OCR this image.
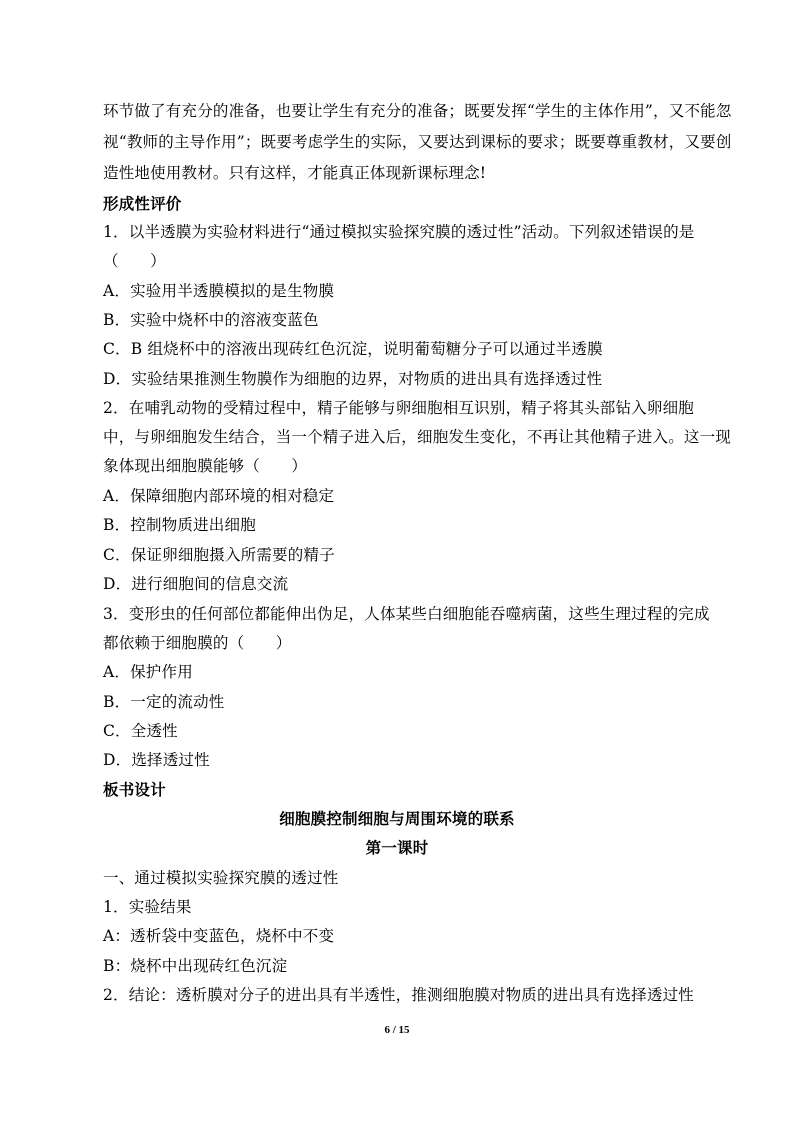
环节做了有充分的准备，也要让学生有充分的准备；既要发挥“学生的主体作用”，又不能忽
视“教师的主导作用”；既要考虑学生的实际，又要达到课标的要求；既要尊重教材，又要创
造性地使用教材。只有这样，才能真正体现新课标理念!
形成性评价
1．以半透膜为实验材料进行“通过模拟实验探究膜的透过性”活动。下列叙述错误的是
（　　）
A．实验用半透膜模拟的是生物膜
B．实验中烧杯中的溶液变蓝色
C．B 组烧杯中的溶液出现砖红色沉淀，说明葡萄糖分子可以通过半透膜
D．实验结果推测生物膜作为细胞的边界，对物质的进出具有选择透过性
2．在哺乳动物的受精过程中，精子能够与卵细胞相互识别，精子将其头部钻入卵细胞
中，与卵细胞发生结合，当一个精子进入后，细胞发生变化，不再让其他精子进入。这一现
象体现出细胞膜能够（　　）
A．保障细胞内部环境的相对稳定
B．控制物质进出细胞
C．保证卵细胞摄入所需要的精子
D．进行细胞间的信息交流
3．变形虫的任何部位都能伸出伪足，人体某些白细胞能吞噬病菌，这些生理过程的完成
都依赖于细胞膜的（　　）
A．保护作用
B．一定的流动性
C．全透性
D．选择透过性
板书设计
细胞膜控制细胞与周围环境的联系
第一课时
一、通过模拟实验探究膜的透过性
1．实验结果
A：透析袋中变蓝色，烧杯中不变
B：烧杯中出现砖红色沉淀
2．结论：透析膜对分子的进出具有半透性，推测细胞膜对物质的进出具有选择透过性
6 / 15
